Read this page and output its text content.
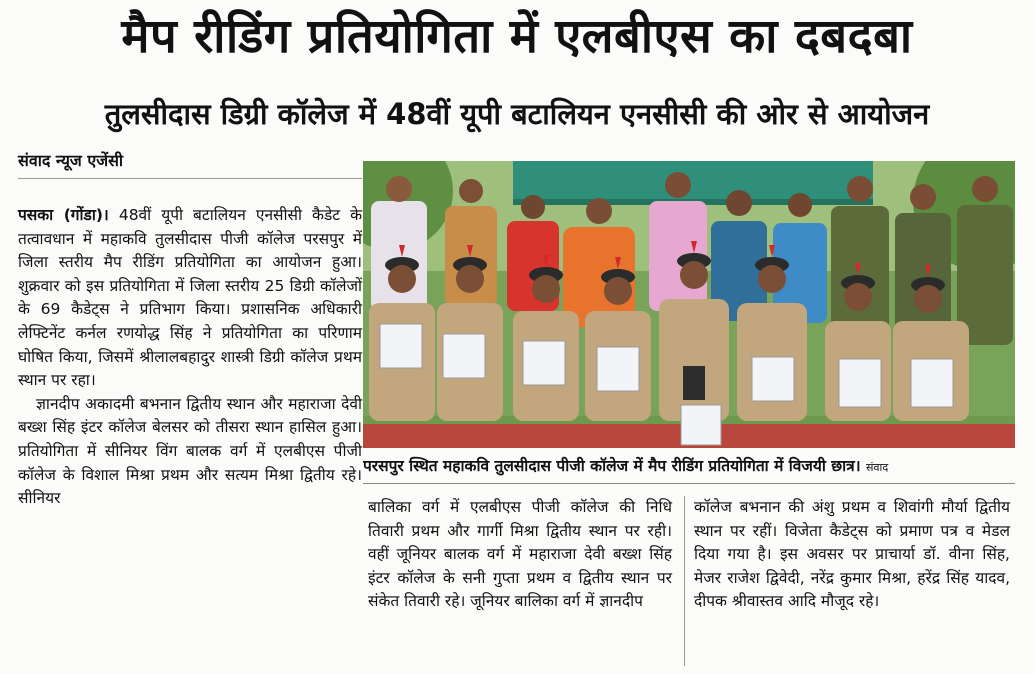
मैप रीडिंग प्रतियोगिता में एलबीएस का दबदबा
तुलसीदास डिग्री कॉलेज में 48वीं यूपी बटालियन एनसीसी की ओर से आयोजन
संवाद न्यूज एजेंसी

पसका (गोंडा)। 48वीं यूपी बटालियन एनसीसी कैडेट के तत्वावधान में महाकवि तुलसीदास पीजी कॉलेज परसपुर में जिला स्तरीय मैप रीडिंग प्रतियोगिता का आयोजन हुआ। शुक्रवार को इस प्रतियोगिता में जिला स्तरीय 25 डिग्री कॉलेजों के 69 कैडेट्स ने प्रतिभाग किया। प्रशासनिक अधिकारी लेफ्टिनेंट कर्नल रणयोद्ध सिंह ने प्रतियोगिता का परिणाम घोषित किया, जिसमें श्रीलालबहादुर शास्त्री डिग्री कॉलेज प्रथम स्थान पर रहा।

ज्ञानदीप अकादमी बभनान द्वितीय स्थान और महाराजा देवी बख्श सिंह इंटर कॉलेज बेलसर को तीसरा स्थान हासिल हुआ। प्रतियोगिता में सीनियर विंग बालक वर्ग में एलबीएस पीजी कॉलेज के विशाल मिश्रा प्रथम और सत्यम मिश्रा द्वितीय रहे। सीनियर	बालिका वर्ग में एलबीएस पीजी कॉलेज की निधि तिवारी प्रथम और गार्गी मिश्रा द्वितीय स्थान पर रही। वहीं जूनियर बालक वर्ग में महाराजा देवी बख्श सिंह इंटर कॉलेज के सनी गुप्ता प्रथम व द्वितीय स्थान पर संकेत तिवारी रहे। जूनियर बालिका वर्ग में ज्ञानदीप

कॉलेज बभनान की अंशु प्रथम व शिवांगी मौर्या द्वितीय स्थान पर रहीं। विजेता कैडेट्स को प्रमाण पत्र व मेडल दिया गया है। इस अवसर पर प्राचार्या डॉ. वीना सिंह, मेजर राजेश द्विवेदी, नरेंद्र कुमार मिश्रा, हरेंद्र सिंह यादव, दीपक श्रीवास्तव आदि मौजूद रहे।

परसपुर स्थित महाकवि तुलसीदास पीजी कॉलेज में मैप रीडिंग प्रतियोगिता में विजयी छात्र। संवाद
